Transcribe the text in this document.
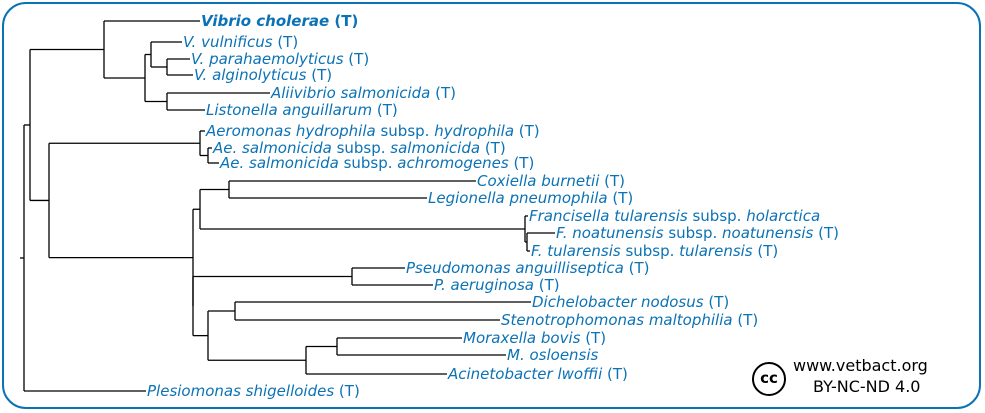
Vibrio cholerae (T)
V. vulnificus (T)
V. parahaemolyticus (T)
V. alginolyticus (T)
Aliivibrio salmonicida (T)
Listonella anguillarum (T)
Aeromonas hydrophila subsp. hydrophila (T)
Ae. salmonicida subsp. salmonicida (T)
Ae. salmonicida subsp. achromogenes (T)
Coxiella burnetii (T)
Legionella pneumophila (T)
Francisella tularensis subsp. holarctica
F. noatunensis subsp. noatunensis (T)
F. tularensis subsp. tularensis (T)
Pseudomonas anguilliseptica (T)
P. aeruginosa (T)
Dichelobacter nodosus (T)
Stenotrophomonas maltophilia (T)
Moraxella bovis (T)
M. osloensis
Acinetobacter lwoffii (T)
Plesiomonas shigelloides (T)
cc
www.vetbact.org
BY-NC-ND 4.0
